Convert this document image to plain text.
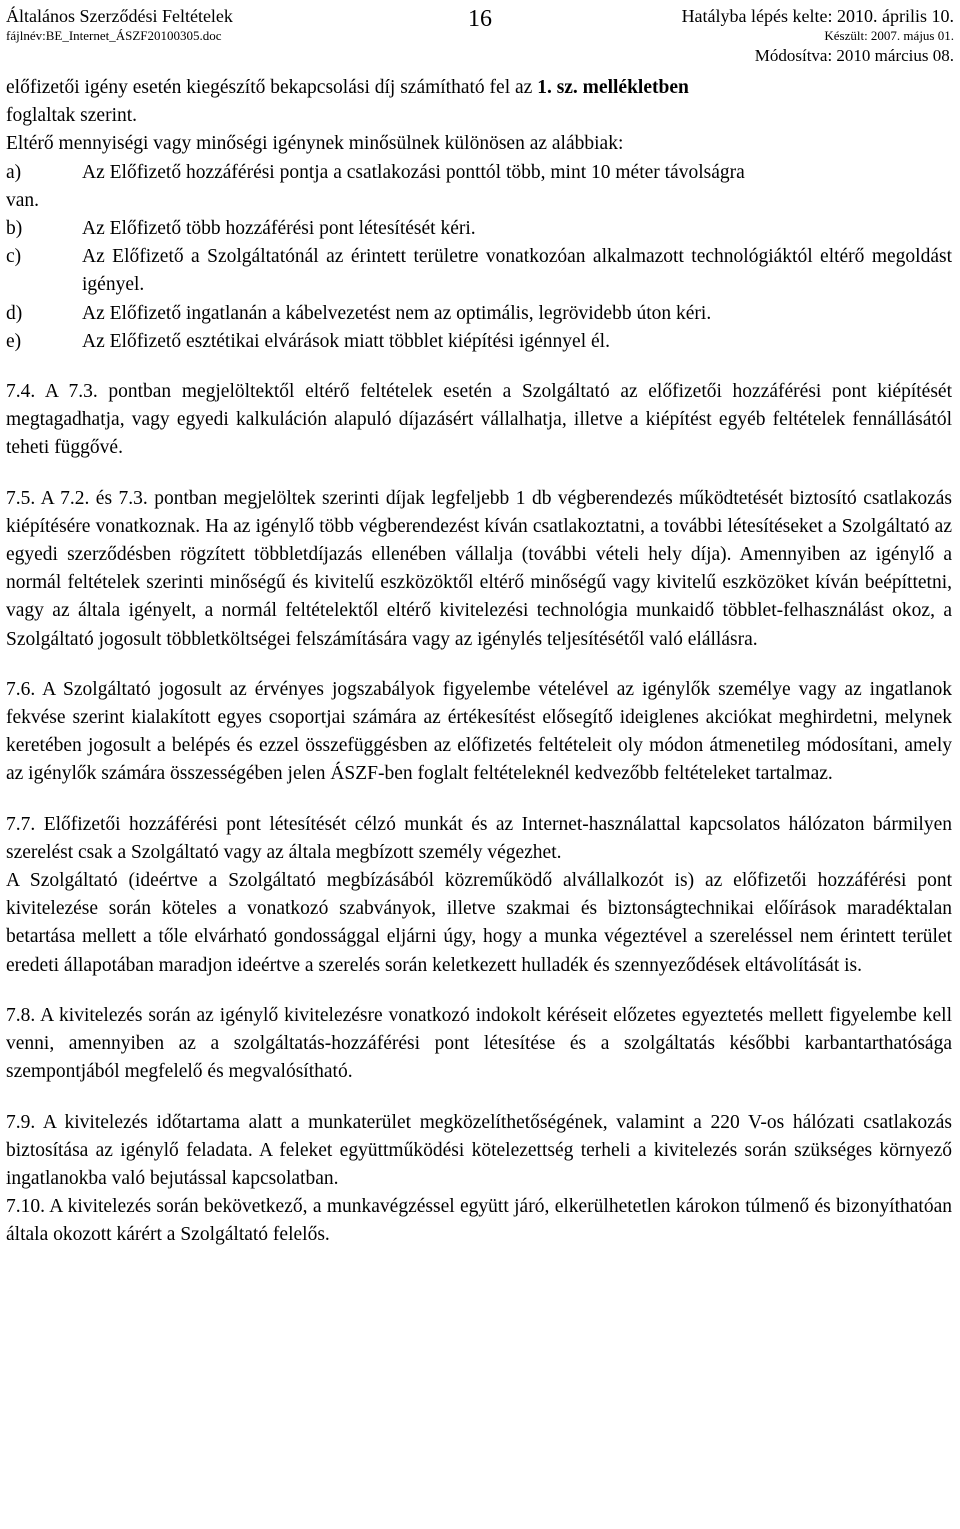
Általános Szerződési Feltételek
fájlnév:BE_Internet_ÁSZF20100305.doc
16	Hatályba lépés kelte: 2010. április 10.
Készült: 2007. május 01.
Módosítva: 2010 március 08.

előfizetői igény esetén kiegészítő bekapcsolási díj számítható fel az 1. sz. mellékletben
foglaltak szerint.

Eltérő mennyiségi vagy minőségi igénynek minősülnek különösen az alábbiak:

a)	Az Előfizető hozzáférési pontja a csatlakozási ponttól több, mint 10 méter távolságra

van.

b)	Az Előfizető több hozzáférési pont létesítését kéri.
c)	Az Előfizető a Szolgáltatónál az érintett területre vonatkozóan alkalmazott technológiáktól eltérő megoldást igényel.
d)	Az Előfizető ingatlanán a kábelvezetést nem az optimális, legrövidebb úton kéri.
e)	Az Előfizető esztétikai elvárások miatt többlet kiépítési igénnyel él.

7.4. A 7.3. pontban megjelöltektől eltérő feltételek esetén a Szolgáltató az előfizetői hozzáférési pont kiépítését megtagadhatja, vagy egyedi kalkuláción alapuló díjazásért vállalhatja, illetve a kiépítést egyéb feltételek fennállásától teheti függővé.

7.5. A 7.2. és 7.3. pontban megjelöltek szerinti díjak legfeljebb 1 db végberendezés működtetését biztosító csatlakozás kiépítésére vonatkoznak. Ha az igénylő több végberendezést kíván csatlakoztatni, a további létesítéseket a Szolgáltató az egyedi szerződésben rögzített többletdíjazás ellenében vállalja (további vételi hely díja). Amennyiben az igénylő a normál feltételek szerinti minőségű és kivitelű eszközöktől eltérő minőségű vagy kivitelű eszközöket kíván beépíttetni, vagy az általa igényelt, a normál feltételektől eltérő kivitelezési technológia munkaidő többlet-felhasználást okoz, a Szolgáltató jogosult többletköltségei felszámítására vagy az igénylés teljesítésétől való elállásra.

7.6. A Szolgáltató jogosult az érvényes jogszabályok figyelembe vételével az igénylők személye vagy az ingatlanok fekvése szerint kialakított egyes csoportjai számára az értékesítést elősegítő ideiglenes akciókat meghirdetni, melynek keretében jogosult a belépés és ezzel összefüggésben az előfizetés feltételeit oly módon átmenetileg módosítani, amely az igénylők számára összességében jelen ÁSZF-ben foglalt feltételeknél kedvezőbb feltételeket tartalmaz.

7.7. Előfizetői hozzáférési pont létesítését célzó munkát és az Internet-használattal kapcsolatos hálózaton bármilyen szerelést csak a Szolgáltató vagy az általa megbízott személy végezhet.

A Szolgáltató (ideértve a Szolgáltató megbízásából közreműködő alvállalkozót is) az előfizetői hozzáférési pont kivitelezése során köteles a vonatkozó szabványok, illetve szakmai és biztonságtechnikai előírások maradéktalan betartása mellett a tőle elvárható gondossággal eljárni úgy, hogy a munka végeztével a szereléssel nem érintett terület eredeti állapotában maradjon ideértve a szerelés során keletkezett hulladék és szennyeződések eltávolítását is.

7.8. A kivitelezés során az igénylő kivitelezésre vonatkozó indokolt kéréseit előzetes egyeztetés mellett figyelembe kell venni, amennyiben az a szolgáltatás-hozzáférési pont létesítése és a szolgáltatás későbbi karbantarthatósága szempontjából megfelelő és megvalósítható.

7.9. A kivitelezés időtartama alatt a munkaterület megközelíthetőségének, valamint a 220 V-os hálózati csatlakozás biztosítása az igénylő feladata. A feleket együttműködési kötelezettség terheli a kivitelezés során szükséges környező ingatlanokba való bejutással kapcsolatban.

7.10. A kivitelezés során bekövetkező, a munkavégzéssel együtt járó, elkerülhetetlen károkon túlmenő és bizonyíthatóan általa okozott kárért a Szolgáltató felelős.
